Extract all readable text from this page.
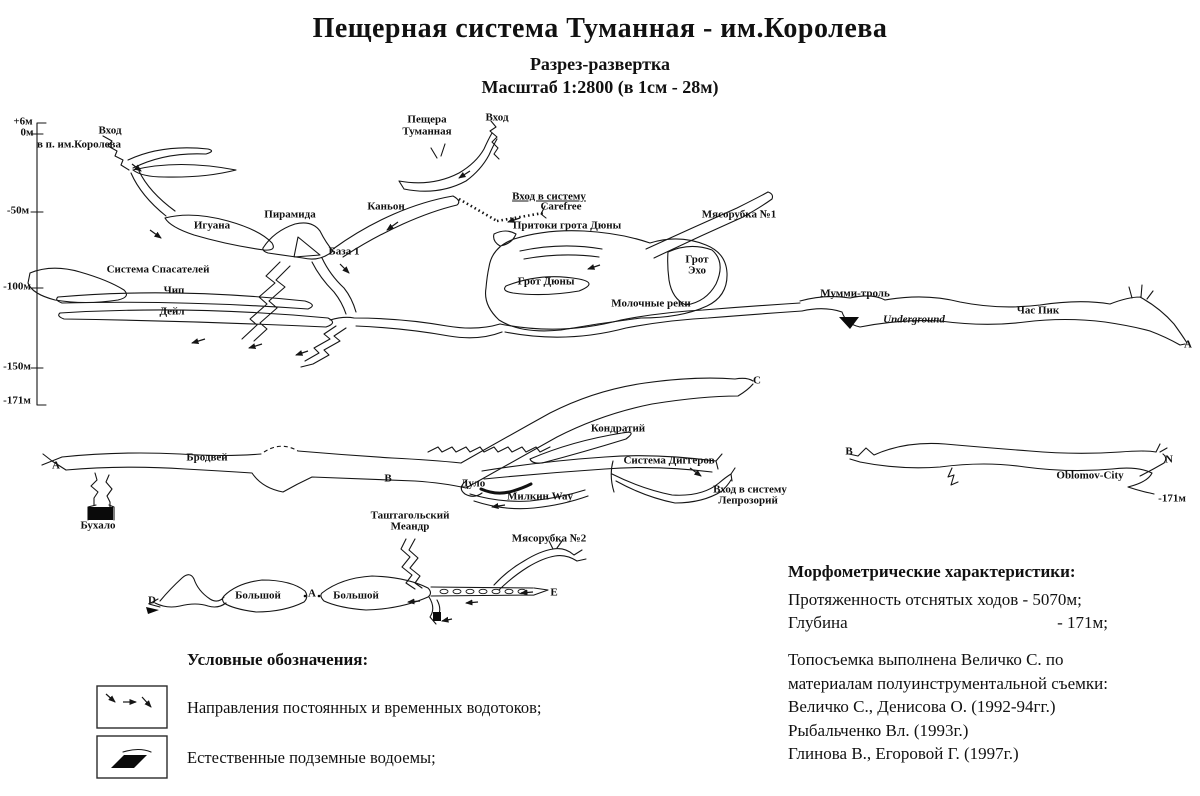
Пещерная система Туманная - им.Королева
Разрез-развертка
Масштаб 1:2800 (в 1см - 28м)
+6м
0м
-50м
-100м
-150м
-171м
Вход
в п. им.Королева
Пещера
Туманная
Вход
Игуана
Пирамида
Каньон
База 1
Вход в систему
Carefree
Притоки грота Дюны
Мясорубка №1
Грот
Эхо
Грот Дюны
Молочные реки
Система Спасателей
Чип
Дейл
Мумми-троль
Underground
Час Пик
А
C
Кондратий
Система Диггеров
Вход в систему
Лепрозорий
Бродвей
А
B	Дуло
Милкин Way
Бухало
Таштагольский
Меандр
Мясорубка №2
Большой А Большой
D
Е
B
Oblomov-City
N
-171м
Условные обозначения:
Направления постоянных и временных водотоков;
Естественные подземные водоемы;
Морфометрические характеристики:
Протяженность отснятых ходов - 5070м;
Глубина	- 171м;
Топосъемка выполнена Величко С. по
материалам полуинструментальной съемки:
Величко С., Денисова О. (1992-94гг.)
Рыбальченко Вл. (1993г.)
Глинова В., Егоровой Г. (1997г.)
